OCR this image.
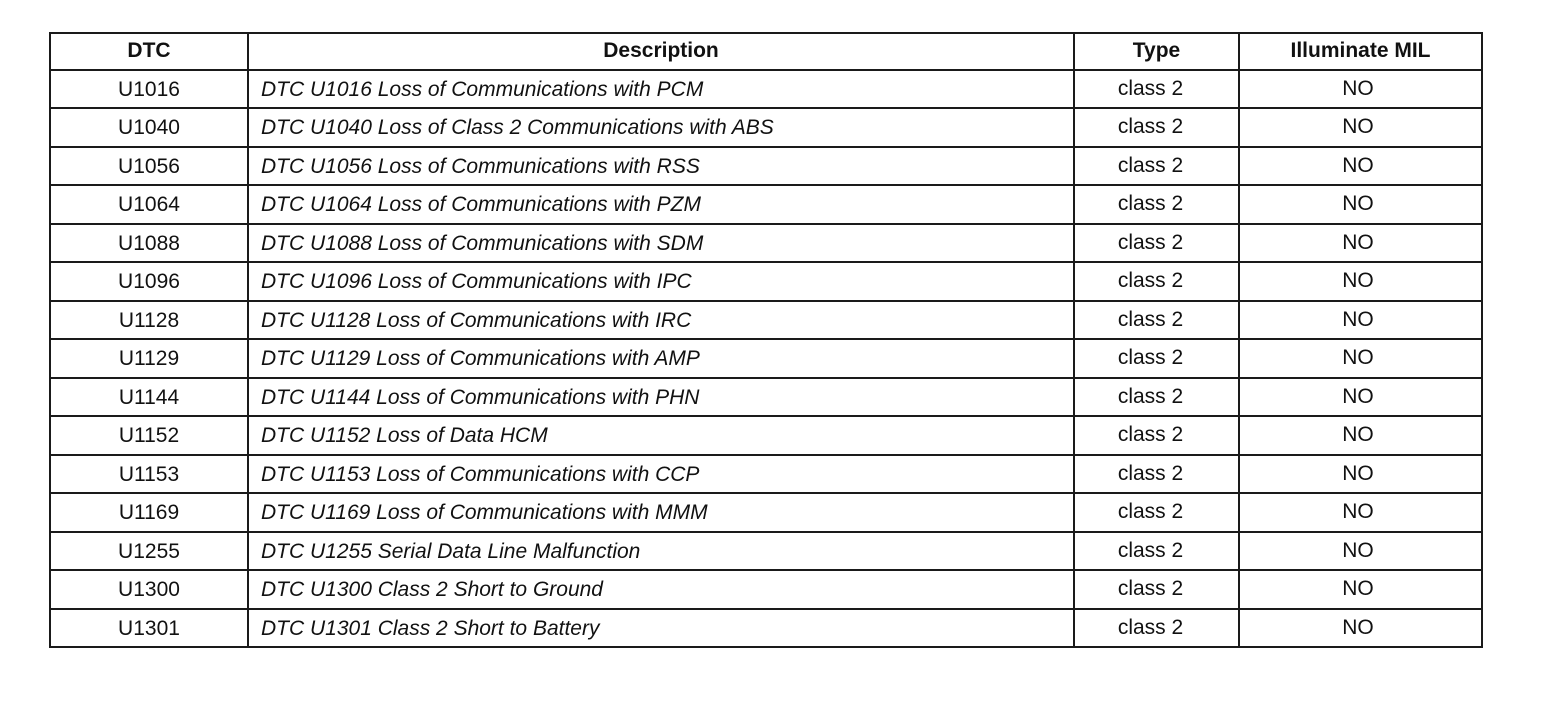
DTC	Description	Type	Illuminate MIL
U1016	DTC U1016 Loss of Communications with PCM	class 2	NO
U1040	DTC U1040 Loss of Class 2 Communications with ABS	class 2	NO
U1056	DTC U1056 Loss of Communications with RSS	class 2	NO
U1064	DTC U1064 Loss of Communications with PZM	class 2	NO
U1088	DTC U1088 Loss of Communications with SDM	class 2	NO
U1096	DTC U1096 Loss of Communications with IPC	class 2	NO
U1128	DTC U1128 Loss of Communications with IRC	class 2	NO
U1129	DTC U1129 Loss of Communications with AMP	class 2	NO
U1144	DTC U1144 Loss of Communications with PHN	class 2	NO
U1152	DTC U1152 Loss of Data HCM	class 2	NO
U1153	DTC U1153 Loss of Communications with CCP	class 2	NO
U1169	DTC U1169 Loss of Communications with MMM	class 2	NO
U1255	DTC U1255 Serial Data Line Malfunction	class 2	NO
U1300	DTC U1300 Class 2 Short to Ground	class 2	NO
U1301	DTC U1301 Class 2 Short to Battery	class 2	NO
